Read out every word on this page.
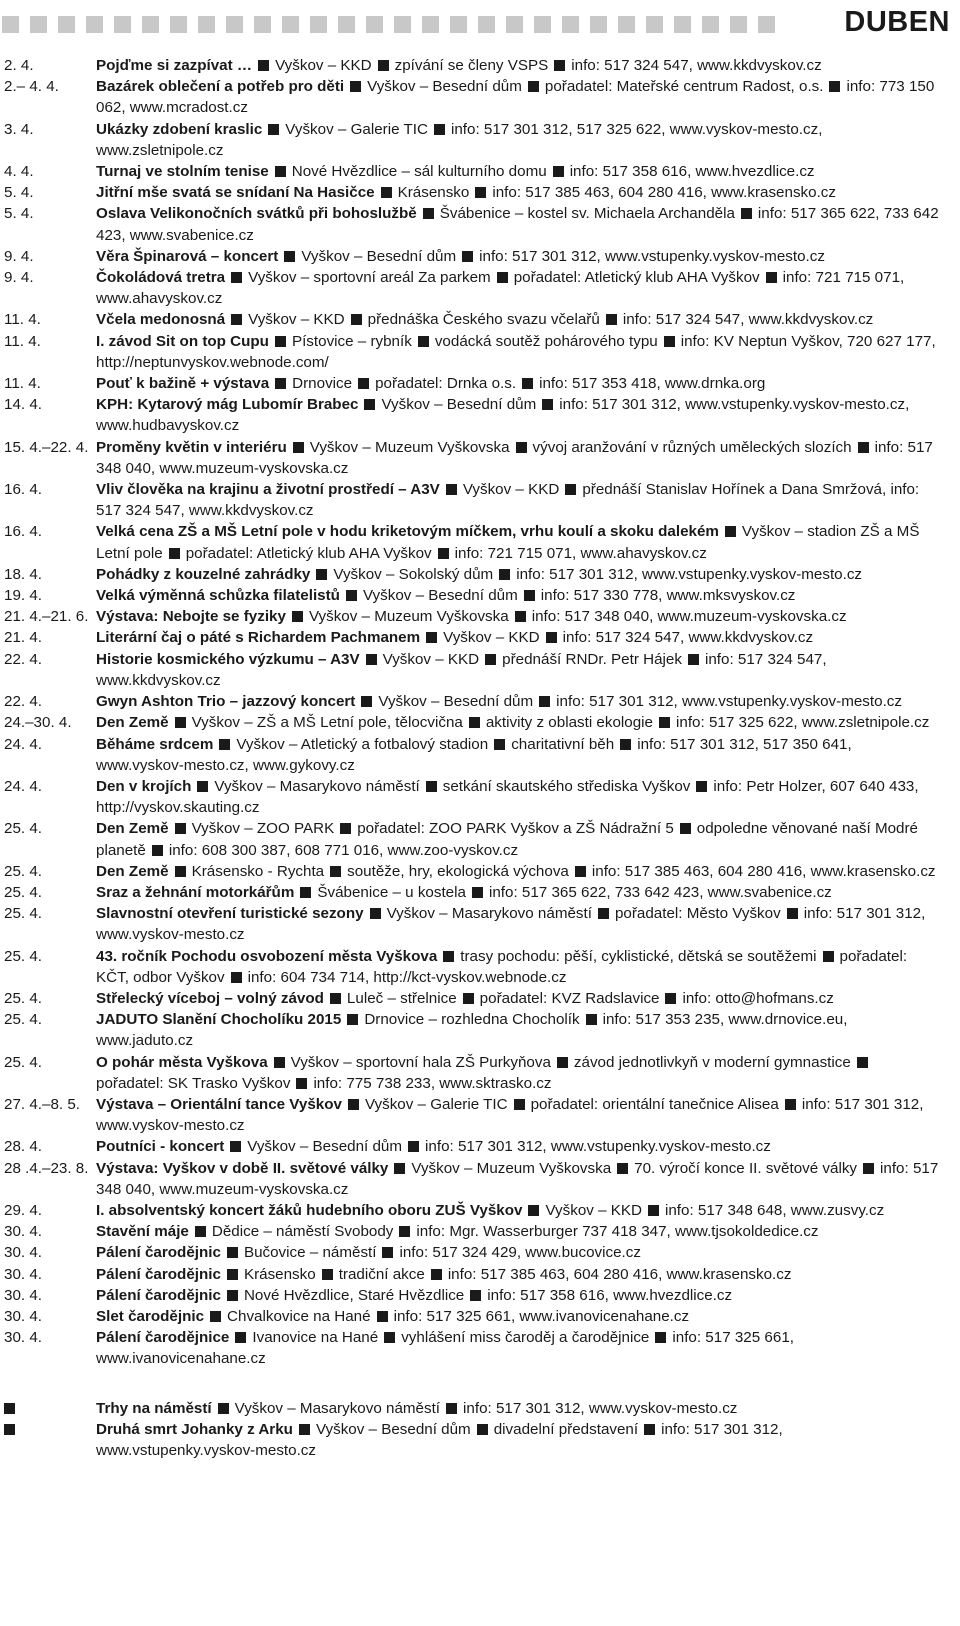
DUBEN
2. 4.	Pojďme si zazpívat … Vyškov – KKD zpívání se členy VSPS info: 517 324 547, www.kkdvyskov.cz
2.– 4. 4.	Bazárek oblečení a potřeb pro děti Vyškov – Besední dům pořadatel: Mateřské centrum Radost, o.s. info: 773 150 062, www.mcradost.cz
3. 4.	Ukázky zdobení kraslic Vyškov – Galerie TIC info: 517 301 312, 517 325 622, www.vyskov-mesto.cz, www.zsletnipole.cz
4. 4.	Turnaj ve stolním tenise Nové Hvězdlice – sál kulturního domu info: 517 358 616, www.hvezdlice.cz
5. 4.	Jitřní mše svatá se snídaní Na Hasičce Krásensko info: 517 385 463, 604 280 416, www.krasensko.cz
5. 4.	Oslava Velikonočních svátků při bohoslužbě Švábenice – kostel sv. Michaela Archanděla info: 517 365 622, 733 642 423, www.svabenice.cz
9. 4.	Věra Špinarová – koncert Vyškov – Besední dům info: 517 301 312, www.vstupenky.vyskov-mesto.cz
9. 4.	Čokoládová tretra Vyškov – sportovní areál Za parkem pořadatel: Atletický klub AHA Vyškov info: 721 715 071, www.ahavyskov.cz
11. 4.	Včela medonosná Vyškov – KKD přednáška Českého svazu včelařů info: 517 324 547, www.kkdvyskov.cz
11. 4.	I. závod Sit on top Cupu Pístovice – rybník vodácká soutěž pohárového typu info: KV Neptun Vyškov, 720 627 177, http://neptunvyskov.webnode.com/
11. 4.	Pouť k bažině + výstava Drnovice pořadatel: Drnka o.s. info: 517 353 418, www.drnka.org
14. 4.	KPH: Kytarový mág Lubomír Brabec Vyškov – Besední dům info: 517 301 312, www.vstupenky.vyskov-mesto.cz, www.hudbavyskov.cz
15. 4.–22. 4. Proměny květin v interiéru Vyškov – Muzeum Vyškovska vývoj aranžování v různých uměleckých slozích info: 517 348 040, www.muzeum-vyskovska.cz
16. 4.	Vliv člověka na krajinu a životní prostředí – A3V Vyškov – KKD přednáší Stanislav Hořínek a Dana Smržová, info: 517 324 547, www.kkdvyskov.cz
16. 4.	Velká cena ZŠ a MŠ Letní pole v hodu kriketovým míčkem, vrhu koulí a skoku dalekém Vyškov – stadion ZŠ a MŠ Letní pole pořadatel: Atletický klub AHA Vyškov info: 721 715 071, www.ahavyskov.cz
18. 4.	Pohádky z kouzelné zahrádky Vyškov – Sokolský dům info: 517 301 312, www.vstupenky.vyskov-mesto.cz
19. 4.	Velká výměnná schůzka filatelistů Vyškov – Besední dům info: 517 330 778, www.mksvyskov.cz
21. 4.–21. 6. Výstava: Nebojte se fyziky Vyškov – Muzeum Vyškovska info: 517 348 040, www.muzeum-vyskovska.cz
21. 4.	Literární čaj o páté s Richardem Pachmanem Vyškov – KKD info: 517 324 547, www.kkdvyskov.cz
22. 4.	Historie kosmického výzkumu – A3V Vyškov – KKD přednáší RNDr. Petr Hájek info: 517 324 547, www.kkdvyskov.cz
22. 4.	Gwyn Ashton Trio – jazzový koncert Vyškov – Besední dům info: 517 301 312, www.vstupenky.vyskov-mesto.cz
24.–30. 4.	Den Země Vyškov – ZŠ a MŠ Letní pole, tělocvična aktivity z oblasti ekologie info: 517 325 622, www.zsletnipole.cz
24. 4.	Běháme srdcem Vyškov – Atletický a fotbalový stadion charitativní běh info: 517 301 312, 517 350 641, www.vyskov-mesto.cz, www.gykovy.cz
24. 4.	Den v krojích Vyškov – Masarykovo náměstí setkání skautského střediska Vyškov info: Petr Holzer, 607 640 433, http://vyskov.skauting.cz
25. 4.	Den Země Vyškov – ZOO PARK pořadatel: ZOO PARK Vyškov a ZŠ Nádražní 5 odpoledne věnované naší Modré planetě info: 608 300 387, 608 771 016, www.zoo-vyskov.cz
25. 4.	Den Země Krásensko - Rychta soutěže, hry, ekologická výchova info: 517 385 463, 604 280 416, www.krasensko.cz
25. 4.	Sraz a žehnání motorkářům Švábenice – u kostela info: 517 365 622, 733 642 423, www.svabenice.cz
25. 4.	Slavnostní otevření turistické sezony Vyškov – Masarykovo náměstí pořadatel: Město Vyškov info: 517 301 312, www.vyskov-mesto.cz
25. 4.	43. ročník Pochodu osvobození města Vyškova trasy pochodu: pěší, cyklistické, dětská se soutěžemi pořadatel: KČT, odbor Vyškov info: 604 734 714, http://kct-vyskov.webnode.cz
25. 4.	Střelecký víceboj – volný závod Luleč – střelnice pořadatel: KVZ Radslavice info: otto@hofmans.cz
25. 4.	JADUTO Slanění Chocholíku 2015 Drnovice – rozhledna Chocholík info: 517 353 235, www.drnovice.eu, www.jaduto.cz
25. 4.	O pohár města Vyškova Vyškov – sportovní hala ZŠ Purkyňova závod jednotlivkyň v moderní gymnasticepořadatel: SK Trasko Vyškov info: 775 738 233, www.sktrasko.cz
27. 4.–8. 5.	Výstava – Orientální tance Vyškov Vyškov – Galerie TIC pořadatel: orientální tanečnice Alisea info: 517 301 312, www.vyskov-mesto.cz
28. 4.	Poutníci - koncert Vyškov – Besední dům info: 517 301 312, www.vstupenky.vyskov-mesto.cz
28 .4.–23. 8. Výstava: Vyškov v době II. světové války Vyškov – Muzeum Vyškovska 70. výročí konce II. světové války info: 517 348 040, www.muzeum-vyskovska.cz
29. 4.	I. absolventský koncert žáků hudebního oboru ZUŠ Vyškov Vyškov – KKD info: 517 348 648, www.zusvy.cz
30. 4.	Stavění máje Dědice – náměstí Svobody info: Mgr. Wasserburger 737 418 347, www.tjsokoldedice.cz
30. 4.	Pálení čarodějnic Bučovice – náměstí info: 517 324 429, www.bucovice.cz
30. 4.	Pálení čarodějnic Krásensko tradiční akce info: 517 385 463, 604 280 416, www.krasensko.cz
30. 4.	Pálení čarodějnic Nové Hvězdlice, Staré Hvězdlice info: 517 358 616, www.hvezdlice.cz
30. 4.	Slet čarodějnic Chvalkovice na Hané info: 517 325 661, www.ivanovicenahane.cz
30. 4.	Pálení čarodějnice Ivanovice na Hané vyhlášení miss čaroděj a čarodějnice info: 517 325 661, www.ivanovicenahane.cz
Trhy na náměstí Vyškov – Masarykovo náměstí info: 517 301 312, www.vyskov-mesto.cz
Druhá smrt Johanky z Arku Vyškov – Besední dům divadelní představení info: 517 301 312, www.vstupenky.vyskov-mesto.cz
